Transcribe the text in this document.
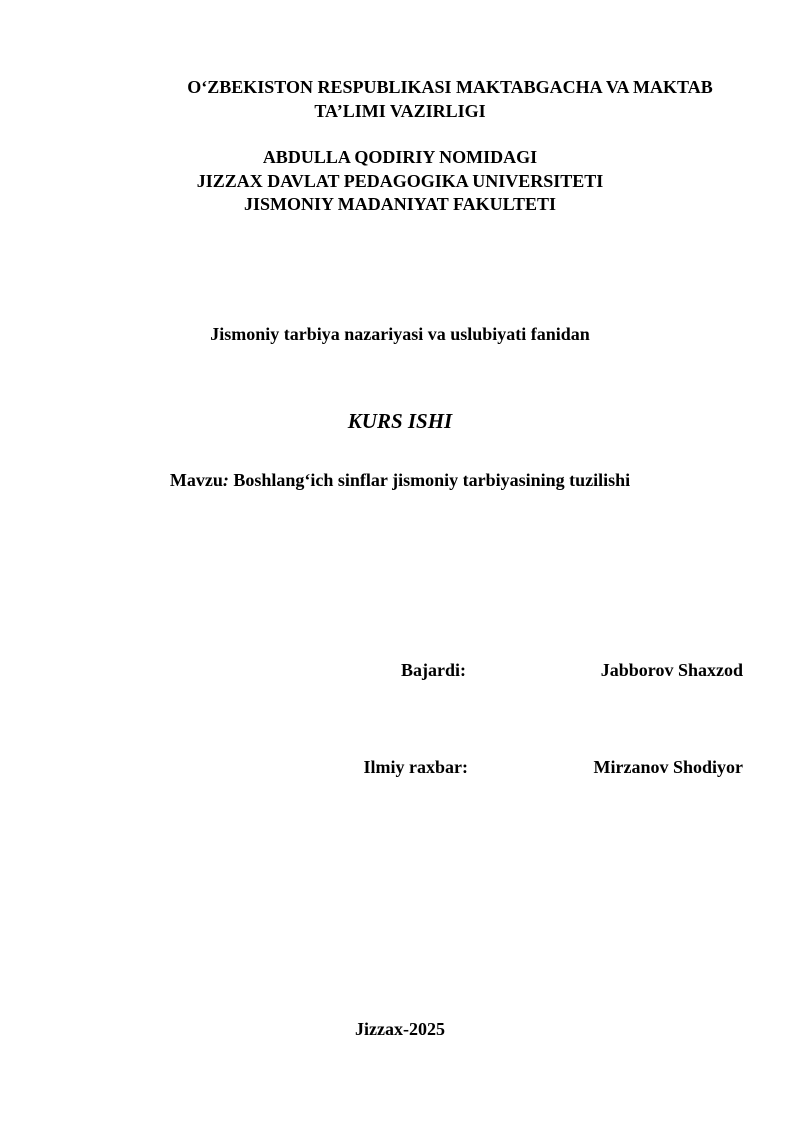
O‘ZBEKISTON RESPUBLIKASI MAKTABGACHA VA MAKTAB
TA’LIMI VAZIRLIGI
ABDULLA QODIRIY NOMIDAGI
JIZZAX DAVLAT PEDAGOGIKA UNIVERSITETI
JISMONIY MADANIYAT FAKULTETI
Jismoniy tarbiya nazariyasi va uslubiyati fanidan
KURS ISHI
Mavzu: Boshlang‘ich sinflar jismoniy tarbiyasining tuzilishi
Bajardi:	Jabborov Shaxzod
Ilmiy raxbar:	Mirzanov Shodiyor
Jizzax-2025
